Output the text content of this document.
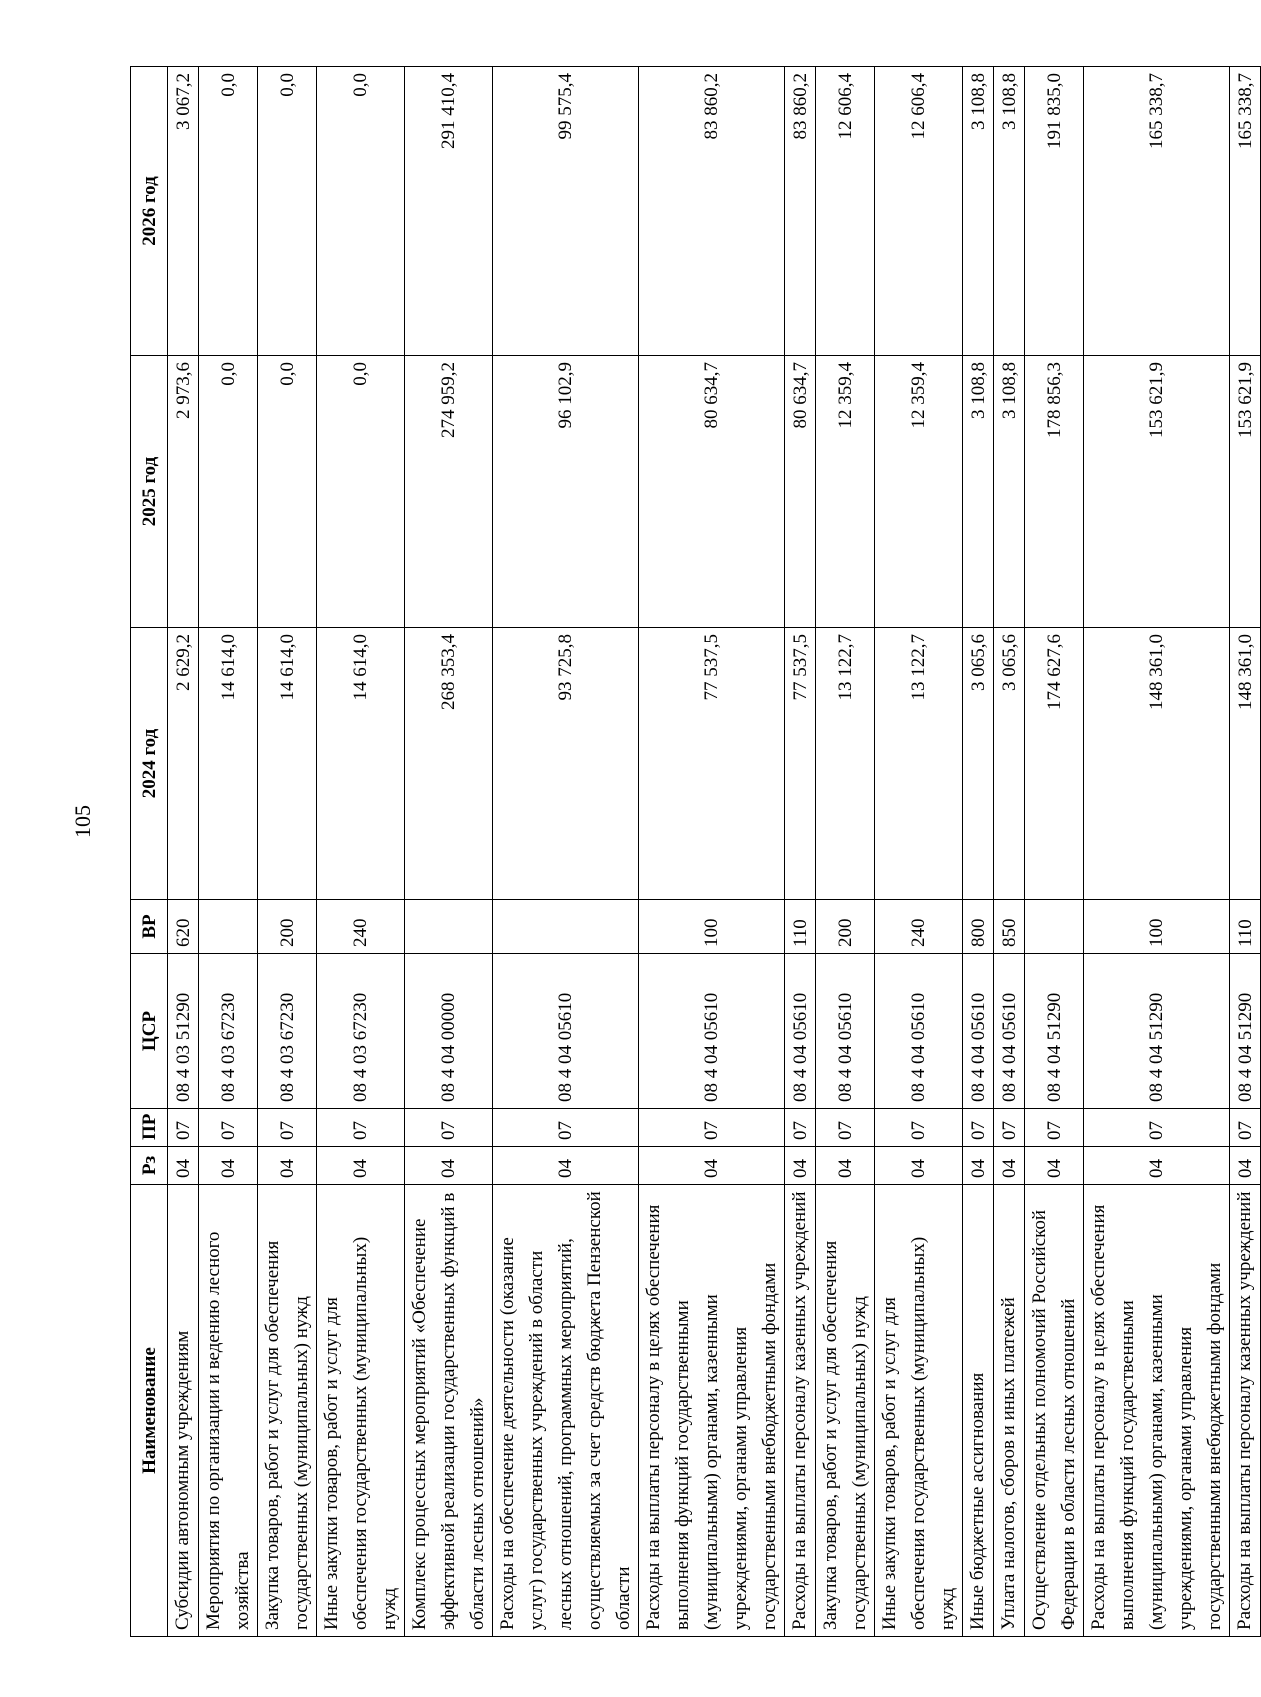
105
Наименование	Рз	ПР	ЦСР	ВР	2024 год	2025 год	2026 год
Субсидии автономным учреждениям	04	07	08 4 03 51290	620	2 629,2	2 973,6	3 067,2
Мероприятия по организации и ведению лесного хозяйства	04	07	08 4 03 67230		14 614,0	0,0	0,0
Закупка товаров, работ и услуг для обеспечения государственных (муниципальных) нужд	04	07	08 4 03 67230	200	14 614,0	0,0	0,0
Иные закупки товаров, работ и услуг для обеспечения государственных (муниципальных) нужд	04	07	08 4 03 67230	240	14 614,0	0,0	0,0
Комплекс процессных мероприятий «Обеспечение эффективной реализации государственных функций в области лесных отношений»	04	07	08 4 04 00000		268 353,4	274 959,2	291 410,4
Расходы на обеспечение деятельности (оказание услуг) государственных учреждений в области лесных отношений, программных мероприятий, осуществляемых за счет средств бюджета Пензенской области	04	07	08 4 04 05610		93 725,8	96 102,9	99 575,4
Расходы на выплаты персоналу в целях обеспечения выполнения функций государственными (муниципальными) органами, казенными учреждениями, органами управления государственными внебюджетными фондами	04	07	08 4 04 05610	100	77 537,5	80 634,7	83 860,2
Расходы на выплаты персоналу казенных учреждений	04	07	08 4 04 05610	110	77 537,5	80 634,7	83 860,2
Закупка товаров, работ и услуг для обеспечения государственных (муниципальных) нужд	04	07	08 4 04 05610	200	13 122,7	12 359,4	12 606,4
Иные закупки товаров, работ и услуг для обеспечения государственных (муниципальных) нужд	04	07	08 4 04 05610	240	13 122,7	12 359,4	12 606,4
Иные бюджетные ассигнования	04	07	08 4 04 05610	800	3 065,6	3 108,8	3 108,8
Уплата налогов, сборов и иных платежей	04	07	08 4 04 05610	850	3 065,6	3 108,8	3 108,8
Осуществление отдельных полномочий Российской Федерации в области лесных отношений	04	07	08 4 04 51290		174 627,6	178 856,3	191 835,0
Расходы на выплаты персоналу в целях обеспечения выполнения функций государственными (муниципальными) органами, казенными учреждениями, органами управления государственными внебюджетными фондами	04	07	08 4 04 51290	100	148 361,0	153 621,9	165 338,7
Расходы на выплаты персоналу казенных учреждений	04	07	08 4 04 51290	110	148 361,0	153 621,9	165 338,7
